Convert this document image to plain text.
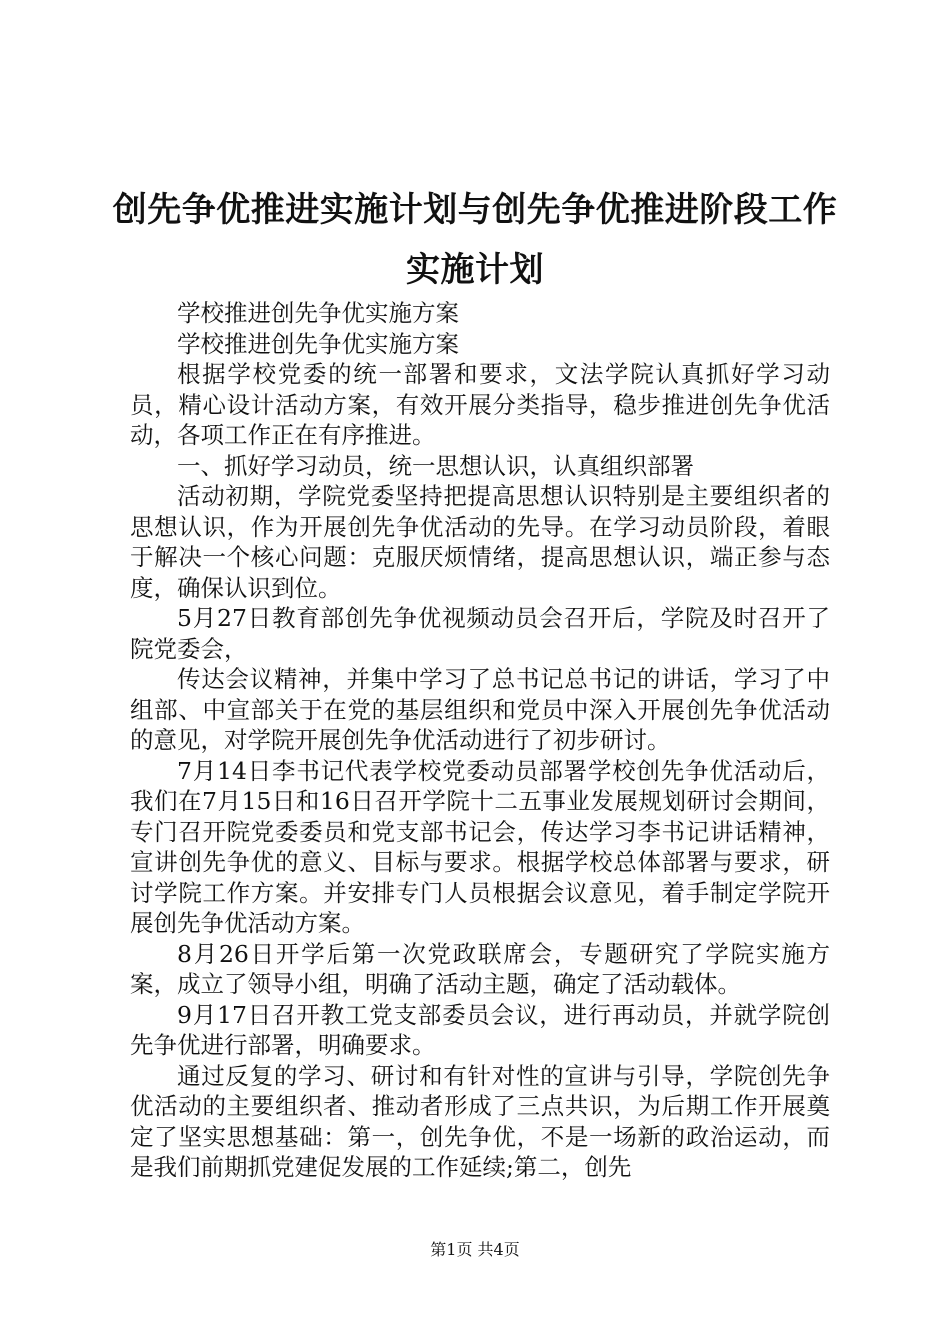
创先争优推进实施计划与创先争优推进阶段工作实施计划

学校推进创先争优实施方案

学校推进创先争优实施方案

根据学校党委的统一部署和要求，文法学院认真抓好学习动员，精心设计活动方案，有效开展分类指导，稳步推进创先争优活动，各项工作正在有序推进。

一、抓好学习动员，统一思想认识，认真组织部署

活动初期，学院党委坚持把提高思想认识特别是主要组织者的思想认识，作为开展创先争优活动的先导。在学习动员阶段，着眼于解决一个核心问题：克服厌烦情绪，提高思想认识，端正参与态度，确保认识到位。

5月27日教育部创先争优视频动员会召开后，学院及时召开了院党委会，

传达会议精神，并集中学习了总书记总书记的讲话，学习了中组部、中宣部关于在党的基层组织和党员中深入开展创先争优活动的意见，对学院开展创先争优活动进行了初步研讨。

7月14日李书记代表学校党委动员部署学校创先争优活动后，我们在7月15日和16日召开学院十二五事业发展规划研讨会期间，专门召开院党委委员和党支部书记会，传达学习李书记讲话精神，宣讲创先争优的意义、目标与要求。根据学校总体部署与要求，研讨学院工作方案。并安排专门人员根据会议意见，着手制定学院开展创先争优活动方案。

8月26日开学后第一次党政联席会，专题研究了学院实施方案，成立了领导小组，明确了活动主题，确定了活动载体。

9月17日召开教工党支部委员会议，进行再动员，并就学院创先争优进行部署，明确要求。

通过反复的学习、研讨和有针对性的宣讲与引导，学院创先争优活动的主要组织者、推动者形成了三点共识，为后期工作开展奠定了坚实思想基础：第一，创先争优，不是一场新的政治运动，而是我们前期抓党建促发展的工作延续;第二，创先

第1页 共4页
